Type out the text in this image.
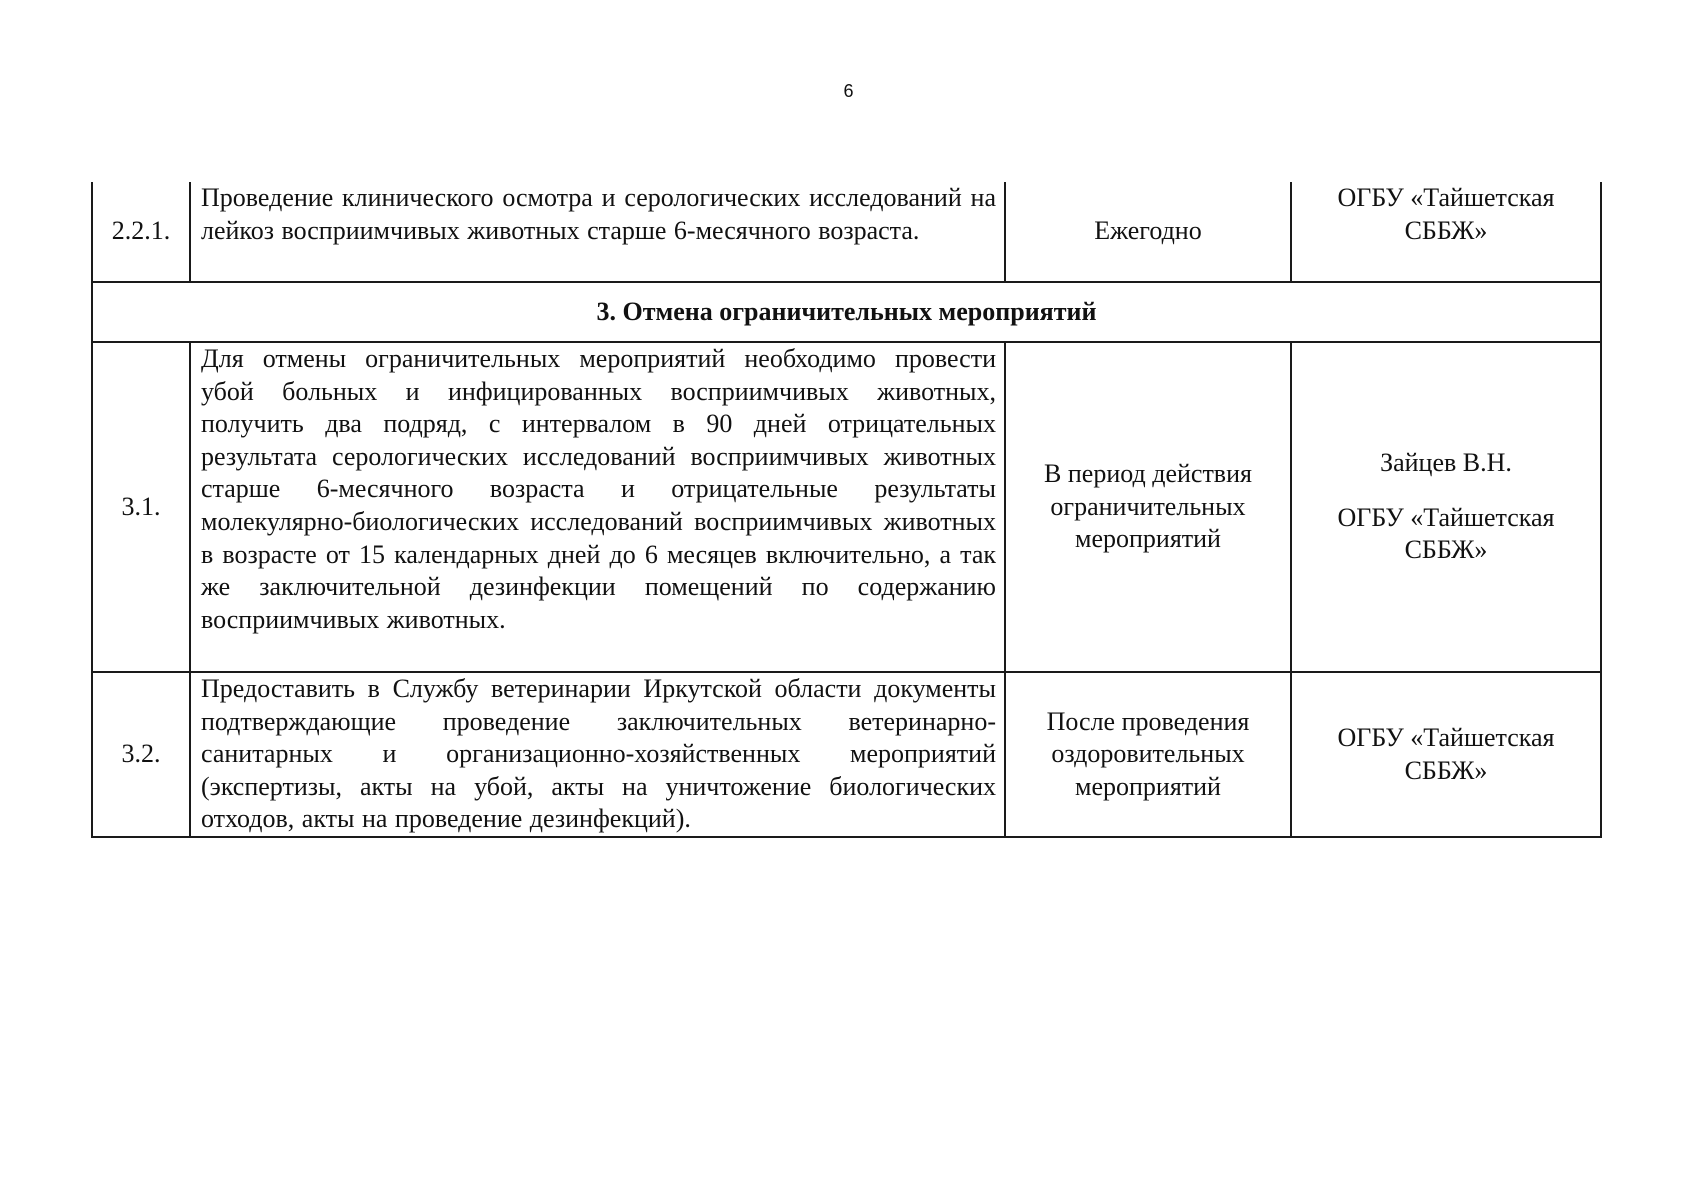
6
2.2.1.	Проведение клинического осмотра и серологических исследований на лейкоз восприимчивых животных старше 6-месячного возраста.	Ежегодно	ОГБУ «Тайшетская СББЖ»

3. Отмена ограничительных мероприятий			
3.1.	Для отмены ограничительных мероприятий необходимо провести убой больных и инфицированных восприимчивых животных, получить два подряд, с интервалом в 90 дней отрицательных результата серологических исследований восприимчивых животных старше 6-месячного возраста и отрицательные результаты молекулярно-биологических исследований восприимчивых животных в возрасте от 15 календарных дней до 6 месяцев включительно, а так же заключительной дезинфекции помещений по содержанию восприимчивых животных.	В период действия ограничительных мероприятий	Зайцев В.Н.
ОГБУ «Тайшетская СББЖ»

3.2.	Предоставить в Службу ветеринарии Иркутской области документы подтверждающие проведение заключительных ветеринарно-санитарных и организационно-хозяйственных мероприятий (экспертизы, акты на убой, акты на уничтожение биологических отходов, акты на проведение дезинфекций).	После проведения оздоровительных мероприятий	ОГБУ «Тайшетская СББЖ»
